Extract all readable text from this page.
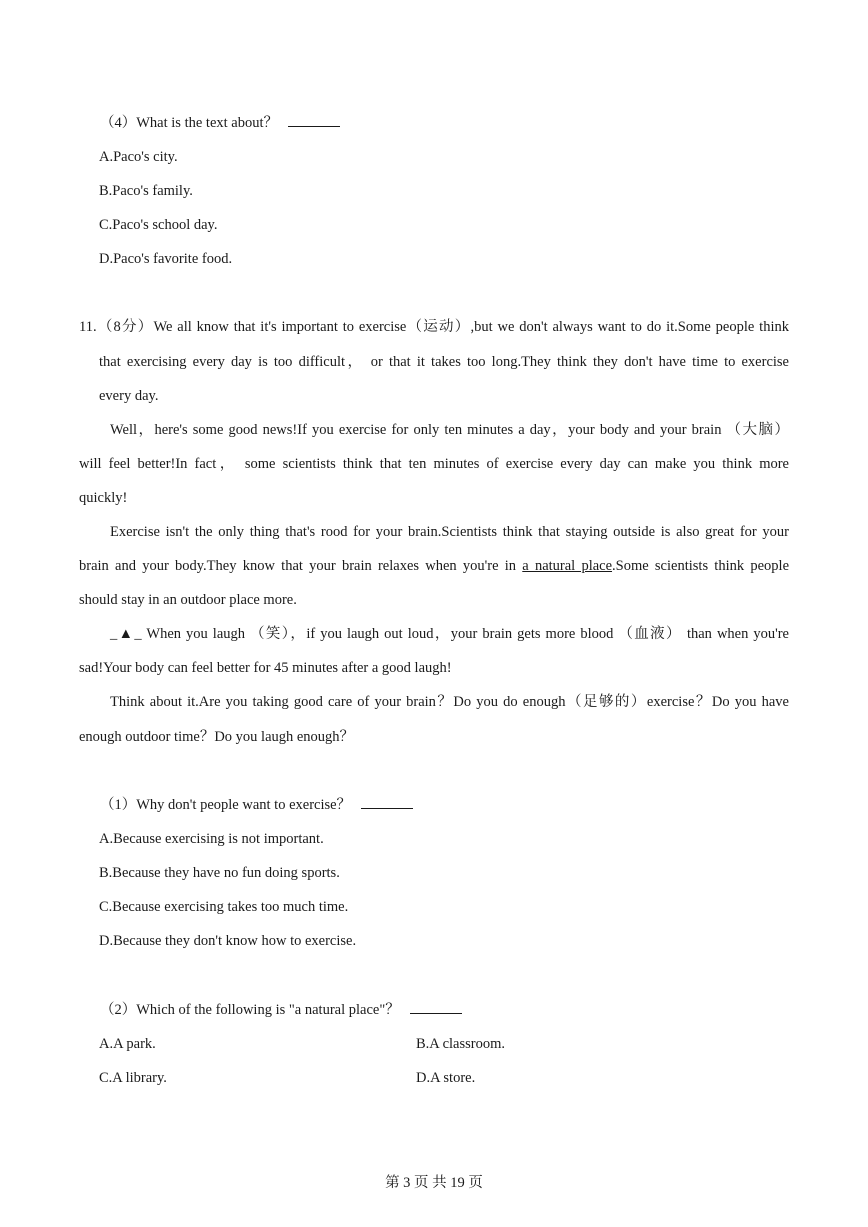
（4）What is the text about？
A.Paco's city.
B.Paco's family.
C.Paco's school day.
D.Paco's favorite food.
11.（8分）We all know that it's important to exercise（运动）,but we don't always want to do it.Some people think
that exercising every day is too difficult， or that it takes too long.They think they don't have time to exercise
every day.
Well，here's some good news!If you exercise for only ten minutes a day，your body and your brain （大脑）
will feel better!In fact， some scientists think that ten minutes of exercise every day can make you think more
quickly!
Exercise isn't the only thing that's rood for your brain.Scientists think that staying outside is also great for your
brain and your body.They know that your brain relaxes when you're in a natural place.Some scientists think people
should stay in an outdoor place more.
_▲_ When you laugh （笑），if you laugh out loud，your brain gets more blood （血液） than when you're
sad!Your body can feel better for 45 minutes after a good laugh!
Think about it.Are you taking good care of your brain？Do you do enough（足够的）exercise？Do you have
enough outdoor time？Do you laugh enough？
（1）Why don't people want to exercise？
A.Because exercising is not important.
B.Because they have no fun doing sports.
C.Because exercising takes too much time.
D.Because they don't know how to exercise.
（2）Which of the following is "a natural place"？
A.A park.	B.A classroom.
C.A library.	D.A store.
第 3 页 共 19 页
